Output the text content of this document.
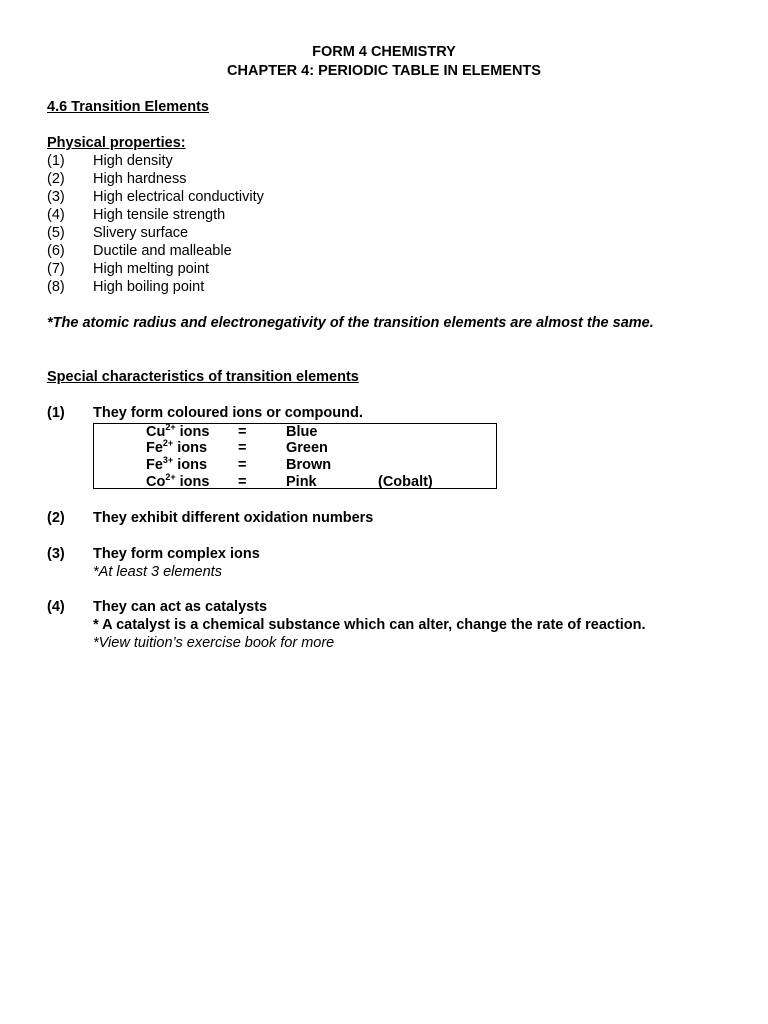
FORM 4 CHEMISTRY
CHAPTER 4: PERIODIC TABLE IN ELEMENTS
4.6 Transition Elements
Physical properties:
(1) High density
(2) High hardness
(3) High electrical conductivity
(4) High tensile strength
(5) Slivery surface
(6) Ductile and malleable
(7) High melting point
(8) High boiling point
*The atomic radius and electronegativity of the transition elements are almost the same.
Special characteristics of transition elements
(1) They form coloured ions or compound.
$Cu^{2+}$ ions =	Blue
$Fe^{2+}$ ions =	Green
$Fe^{3+}$ ions =	Brown
$Co^{2+}$ ions =	Pink	(Cobalt)
(2) They exhibit different oxidation numbers
(3) They form complex ions
*At least 3 elements
(4) They can act as catalysts
* A catalyst is a chemical substance which can alter, change the rate of reaction.
*View tuition’s exercise book for more
